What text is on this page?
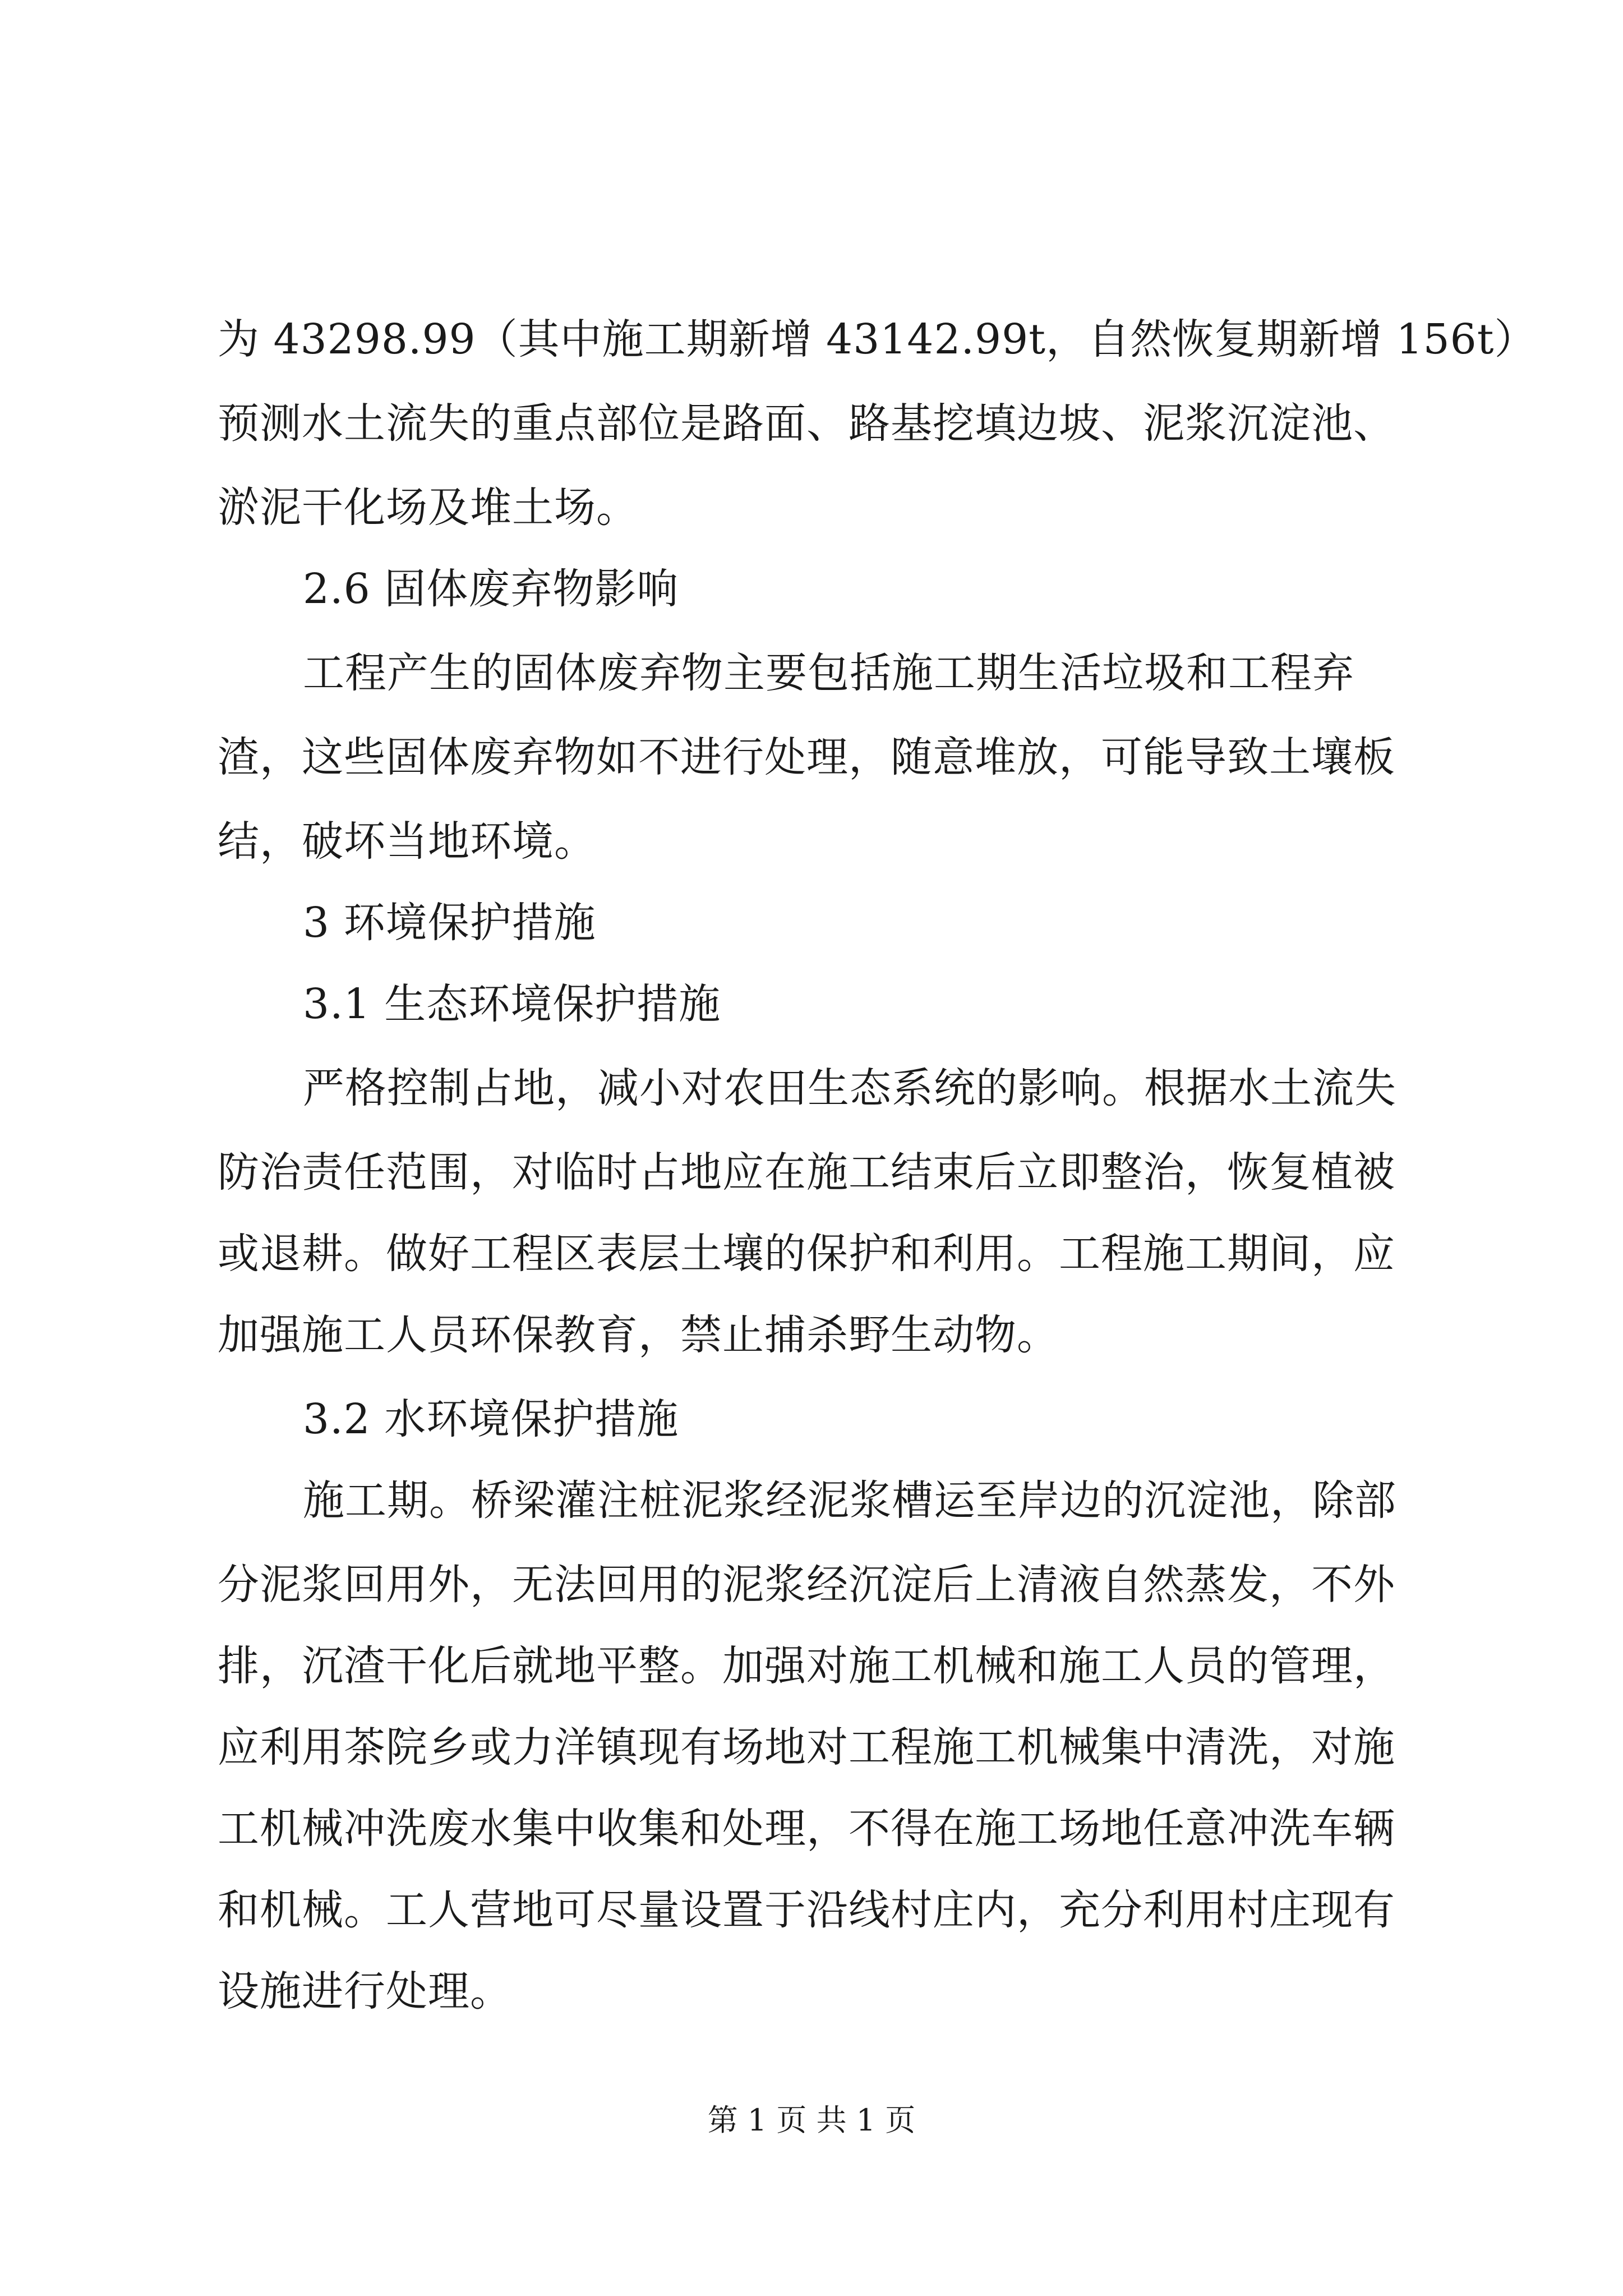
为 43298.99（其中施工期新增 43142.99t，自然恢复期新增 156t）
预测水土流失的重点部位是路面、路基挖填边坡、泥浆沉淀池、
淤泥干化场及堆土场。
2.6 固体废弃物影响
工程产生的固体废弃物主要包括施工期生活垃圾和工程弃
渣，这些固体废弃物如不进行处理，随意堆放，可能导致土壤板
结，破坏当地环境。
3 环境保护措施
3.1 生态环境保护措施
严格控制占地，减小对农田生态系统的影响。根据水土流失
防治责任范围，对临时占地应在施工结束后立即整治，恢复植被
或退耕。做好工程区表层土壤的保护和利用。工程施工期间，应
加强施工人员环保教育，禁止捕杀野生动物。
3.2 水环境保护措施
施工期。桥梁灌注桩泥浆经泥浆槽运至岸边的沉淀池，除部
分泥浆回用外，无法回用的泥浆经沉淀后上清液自然蒸发，不外
排，沉渣干化后就地平整。加强对施工机械和施工人员的管理，
应利用茶院乡或力洋镇现有场地对工程施工机械集中清洗，对施
工机械冲洗废水集中收集和处理，不得在施工场地任意冲洗车辆
和机械。工人营地可尽量设置于沿线村庄内，充分利用村庄现有
设施进行处理。
第 1 页 共 1 页
